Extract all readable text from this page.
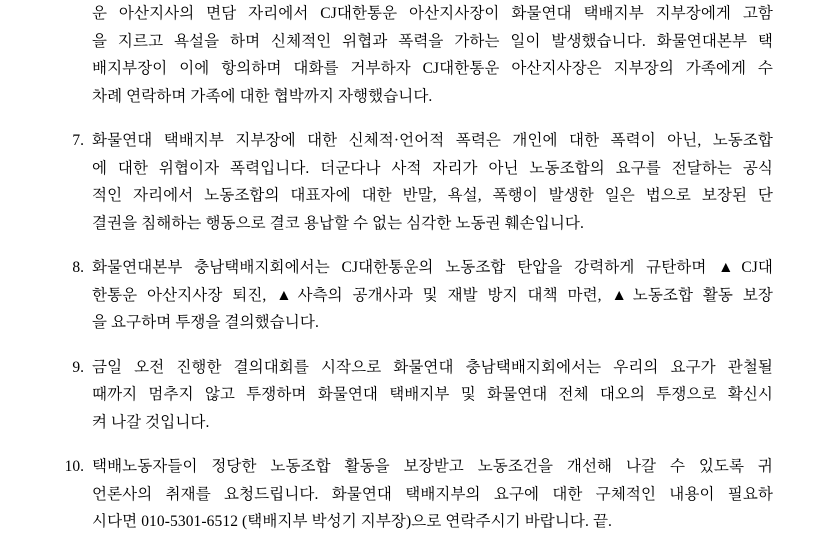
운 아산지사의 면담 자리에서 CJ대한통운 아산지사장이 화물연대 택배지부 지부장에게 고함
을 지르고 욕설을 하며 신체적인 위협과 폭력을 가하는 일이 발생했습니다. 화물연대본부 택
배지부장이 이에 항의하며 대화를 거부하자 CJ대한통운 아산지사장은 지부장의 가족에게 수
차례 연락하며 가족에 대한 협박까지 자행했습니다.
7. 화물연대 택배지부 지부장에 대한 신체적·언어적 폭력은 개인에 대한 폭력이 아닌, 노동조합
에 대한 위협이자 폭력입니다. 더군다나 사적 자리가 아닌 노동조합의 요구를 전달하는 공식
적인 자리에서 노동조합의 대표자에 대한 반말, 욕설, 폭행이 발생한 일은 법으로 보장된 단
결권을 침해하는 행동으로 결코 용납할 수 없는 심각한 노동권 훼손입니다.
8. 화물연대본부 충남택배지회에서는 CJ대한통운의 노동조합 탄압을 강력하게 규탄하며 ▲CJ대
한통운 아산지사장 퇴진, ▲사측의 공개사과 및 재발 방지 대책 마련, ▲노동조합 활동 보장
을 요구하며 투쟁을 결의했습니다.
9. 금일 오전 진행한 결의대회를 시작으로 화물연대 충남택배지회에서는 우리의 요구가 관철될
때까지 멈추지 않고 투쟁하며 화물연대 택배지부 및 화물연대 전체 대오의 투쟁으로 확신시
켜 나갈 것입니다.
10. 택배노동자들이 정당한 노동조합 활동을 보장받고 노동조건을 개선해 나갈 수 있도록 귀
언론사의 취재를 요청드립니다. 화물연대 택배지부의 요구에 대한 구체적인 내용이 필요하
시다면 010-5301-6512 (택배지부 박성기 지부장)으로 연락주시기 바랍니다. 끝.
